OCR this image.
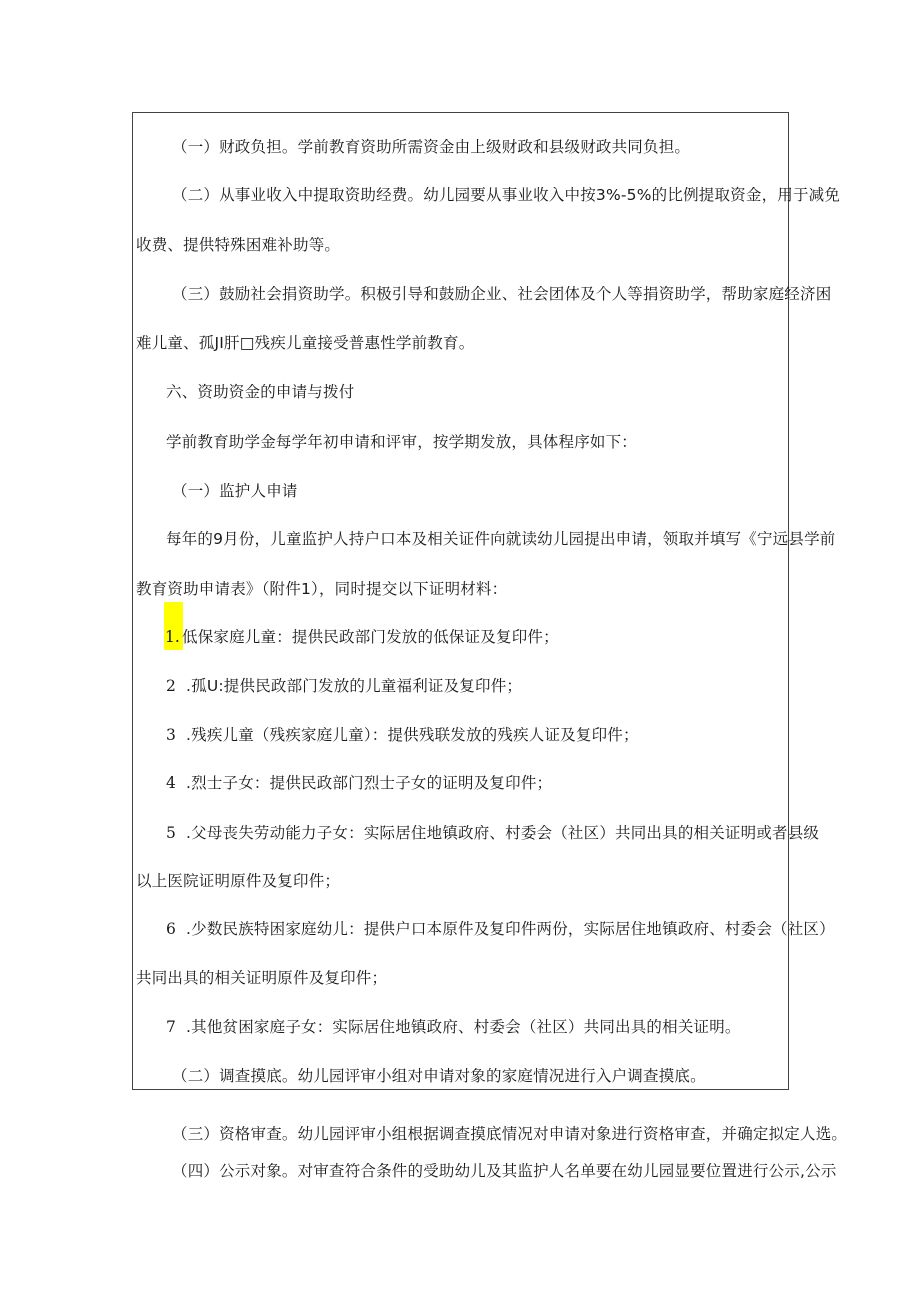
（一）财政负担。学前教育资助所需资金由上级财政和县级财政共同负担。
（二）从事业收入中提取资助经费。幼儿园要从事业收入中按3%-5%的比例提取资金，用于减免
收费、提供特殊困难补助等。
（三）鼓励社会捐资助学。积极引导和鼓励企业、社会团体及个人等捐资助学，帮助家庭经济困
难儿童、孤JI肝□残疾儿童接受普惠性学前教育。
六、资助资金的申请与拨付
学前教育助学金每学年初申请和评审，按学期发放，具体程序如下：
（一）监护人申请
每年的9月份，儿童监护人持户口本及相关证件向就读幼儿园提出申请，领取并填写《宁远县学前
教育资助申请表》（附件1），同时提交以下证明材料：
1. 低保家庭儿童：提供民政部门发放的低保证及复印件；
2 .孤U:提供民政部门发放的儿童福利证及复印件；
3 .残疾儿童（残疾家庭儿童）：提供残联发放的残疾人证及复印件；
4 .烈士子女：提供民政部门烈士子女的证明及复印件；
5 .父母丧失劳动能力子女：实际居住地镇政府、村委会（社区）共同出具的相关证明或者县级
以上医院证明原件及复印件；
6 .少数民族特困家庭幼儿：提供户口本原件及复印件两份，实际居住地镇政府、村委会（社区）
共同出具的相关证明原件及复印件；
7 .其他贫困家庭子女：实际居住地镇政府、村委会（社区）共同出具的相关证明。
（二）调查摸底。幼儿园评审小组对申请对象的家庭情况进行入户调查摸底。
（三）资格审查。幼儿园评审小组根据调查摸底情况对申请对象进行资格审查，并确定拟定人选。
（四）公示对象。对审查符合条件的受助幼儿及其监护人名单要在幼儿园显要位置进行公示,公示
